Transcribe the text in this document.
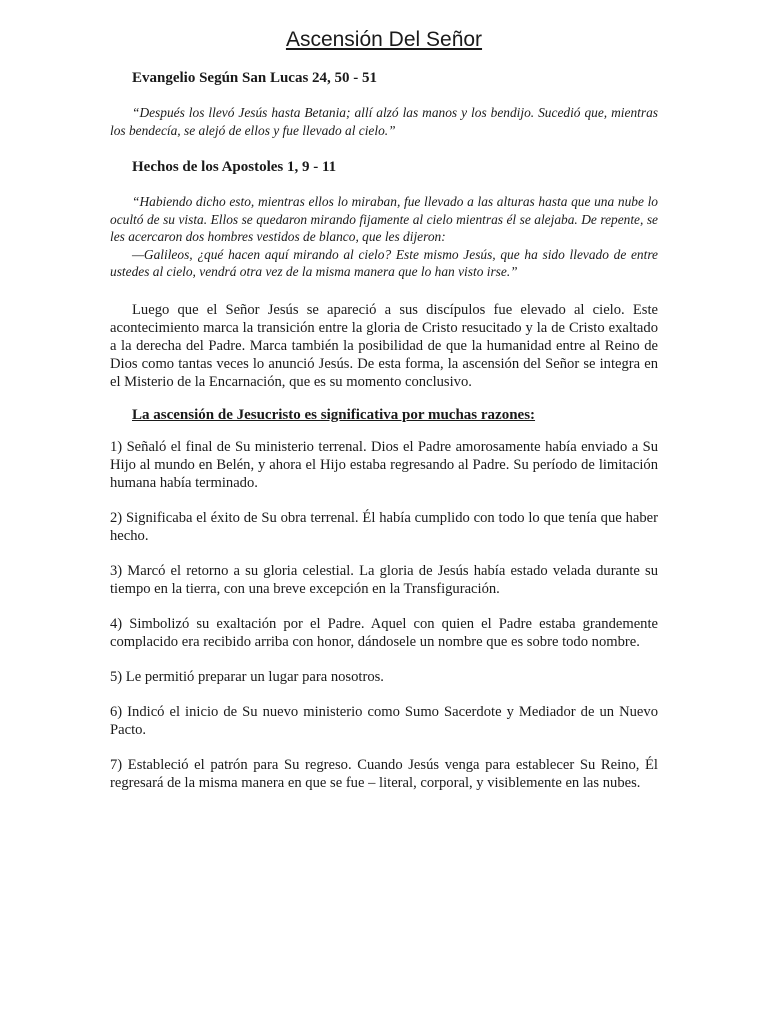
Ascensión Del Señor
Evangelio Según San Lucas 24, 50 - 51

“Después los llevó Jesús hasta Betania; allí alzó las manos y los bendijo. Sucedió que, mientras los bendecía, se alejó de ellos y fue llevado al cielo.”

Hechos de los Apostoles 1, 9 - 11

“Habiendo dicho esto, mientras ellos lo miraban, fue llevado a las alturas hasta que una nube lo ocultó de su vista. Ellos se quedaron mirando fijamente al cielo mientras él se alejaba. De repente, se les acercaron dos hombres vestidos de blanco, que les dijeron:

—Galileos, ¿qué hacen aquí mirando al cielo? Este mismo Jesús, que ha sido llevado de entre ustedes al cielo, vendrá otra vez de la misma manera que lo han visto irse.”

Luego que el Señor Jesús se apareció a sus discípulos fue elevado al cielo. Este acontecimiento marca la transición entre la gloria de Cristo resucitado y la de Cristo exaltado a la derecha del Padre. Marca también la posibilidad de que la humanidad entre al Reino de Dios como tantas veces lo anunció Jesús. De esta forma, la ascensión del Señor se integra en el Misterio de la Encarnación, que es su momento conclusivo.
La ascensión de Jesucristo es significativa por muchas razones:
1) Señaló el final de Su ministerio terrenal. Dios el Padre amorosamente había enviado a Su Hijo al mundo en Belén, y ahora el Hijo estaba regresando al Padre. Su período de limitación humana había terminado.
2) Significaba el éxito de Su obra terrenal. Él había cumplido con todo lo que tenía que haber hecho.
3) Marcó el retorno a su gloria celestial. La gloria de Jesús había estado velada durante su tiempo en la tierra, con una breve excepción en la Transfiguración.
4) Simbolizó su exaltación por el Padre. Aquel con quien el Padre estaba grandemente complacido era recibido arriba con honor, dándosele un nombre que es sobre todo nombre.
5) Le permitió preparar un lugar para nosotros.
6) Indicó el inicio de Su nuevo ministerio como Sumo Sacerdote y Mediador de un Nuevo Pacto.
7) Estableció el patrón para Su regreso. Cuando Jesús venga para establecer Su Reino, Él regresará de la misma manera en que se fue – literal, corporal, y visiblemente en las nubes.
